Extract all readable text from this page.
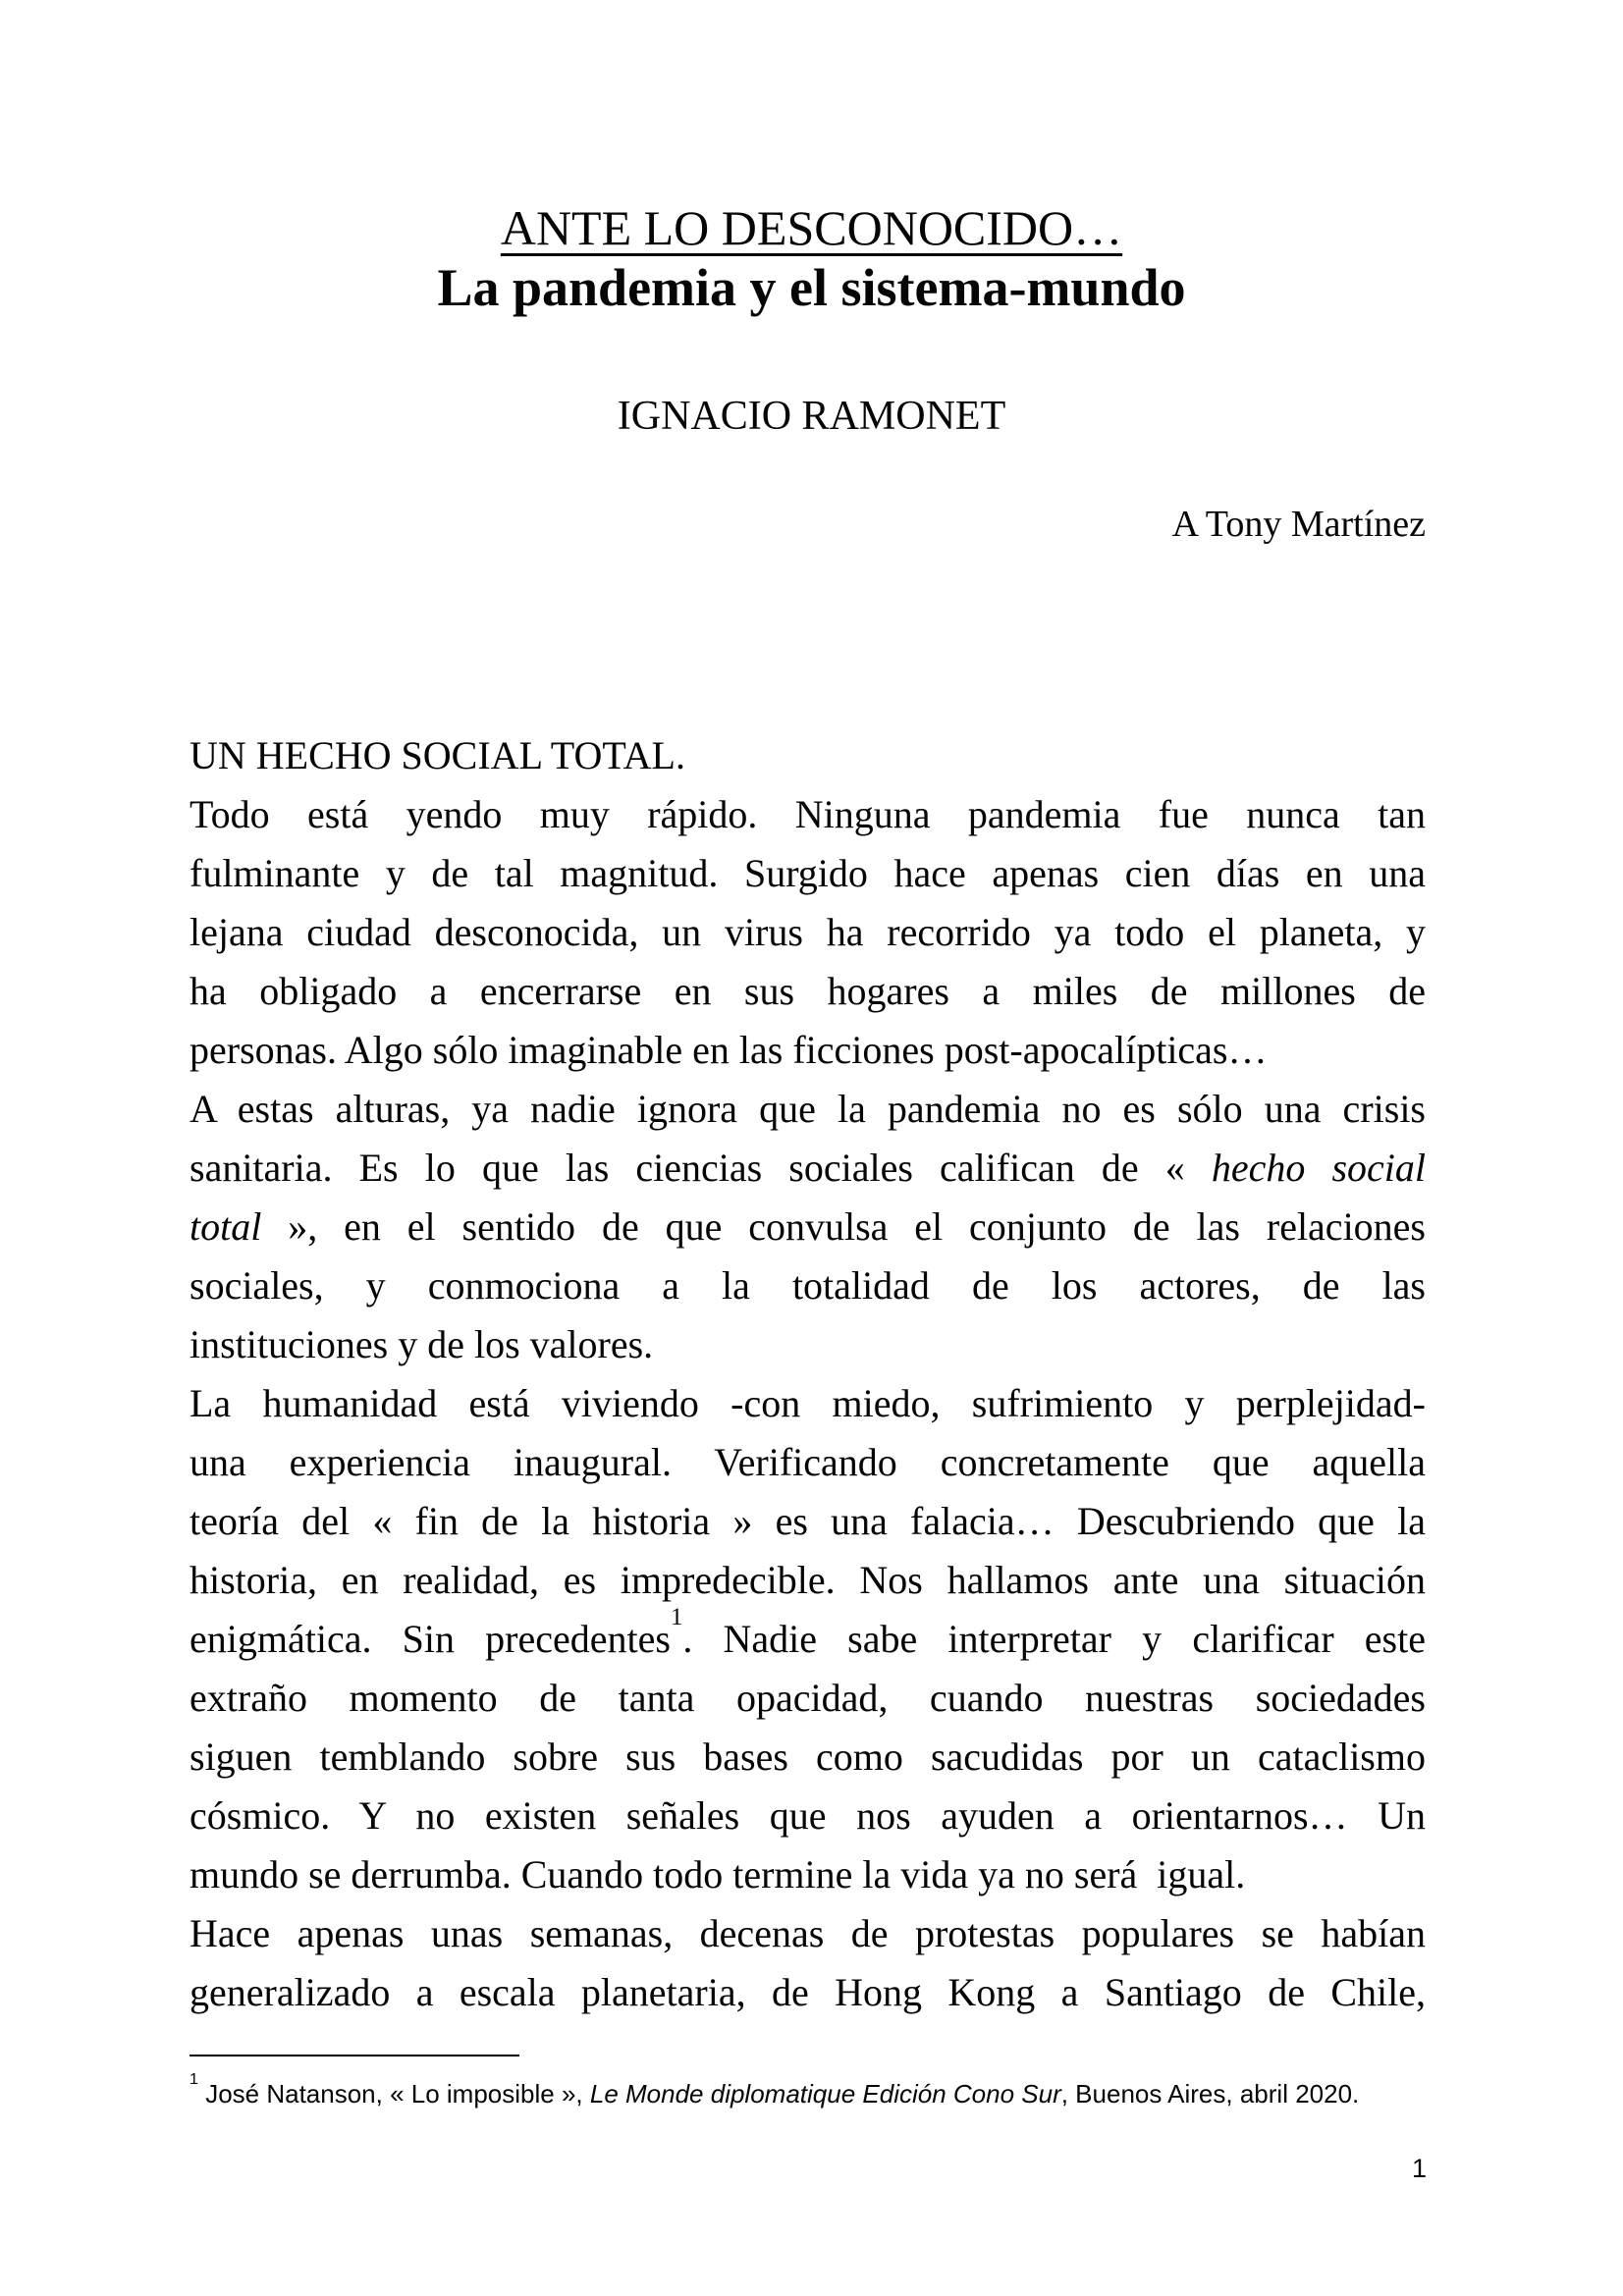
ANTE LO DESCONOCIDO…
La pandemia y el sistema-mundo
IGNACIO RAMONET
A Tony Martínez
UN HECHO SOCIAL TOTAL.
Todo está yendo muy rápido. Ninguna pandemia fue nunca tan
fulminante y de tal magnitud. Surgido hace apenas cien días en una
lejana ciudad desconocida, un virus ha recorrido ya todo el planeta, y
ha obligado a encerrarse en sus hogares a miles de millones de
personas. Algo sólo imaginable en las ficciones post-apocalípticas…
A estas alturas, ya nadie ignora que la pandemia no es sólo una crisis
sanitaria. Es lo que las ciencias sociales califican de « hecho social
total », en el sentido de que convulsa el conjunto de las relaciones
sociales, y conmociona a la totalidad de los actores, de las
instituciones y de los valores.
La humanidad está viviendo -con miedo, sufrimiento y perplejidad-
una experiencia inaugural. Verificando concretamente que aquella
teoría del « fin de la historia » es una falacia… Descubriendo que la
historia, en realidad, es impredecible. Nos hallamos ante una situación
enigmática. Sin precedentes$^1$. Nadie sabe interpretar y clarificar este
extraño momento de tanta opacidad, cuando nuestras sociedades
siguen temblando sobre sus bases como sacudidas por un cataclismo
cósmico. Y no existen señales que nos ayuden a orientarnos… Un
mundo se derrumba. Cuando todo termine la vida ya no será  igual.
Hace apenas unas semanas, decenas de protestas populares se habían
generalizado a escala planetaria, de Hong Kong a Santiago de Chile,
$^1$ José Natanson, « Lo imposible », Le Monde diplomatique Edición Cono Sur, Buenos Aires, abril 2020.
1
